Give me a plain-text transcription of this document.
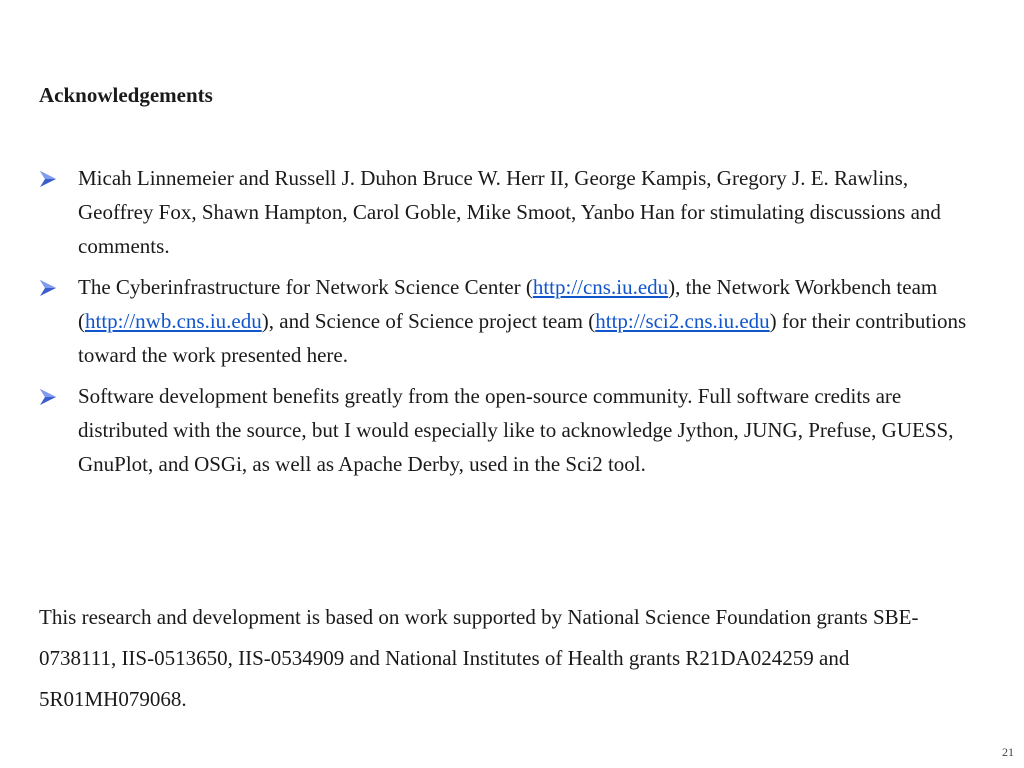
Acknowledgements
Micah Linnemeier and Russell J. Duhon Bruce W. Herr II, George Kampis, Gregory J. E. Rawlins, Geoffrey Fox, Shawn Hampton, Carol Goble, Mike Smoot, Yanbo Han for stimulating discussions and comments.
The Cyberinfrastructure for Network Science Center (http://cns.iu.edu), the Network Workbench team (http://nwb.cns.iu.edu), and Science of Science project team (http://sci2.cns.iu.edu) for their contributions toward the work presented here.
Software development benefits greatly from the open-source community. Full software credits are distributed with the source, but I would especially like to acknowledge Jython, JUNG, Prefuse, GUESS, GnuPlot, and OSGi, as well as Apache Derby, used in the Sci2 tool.

This research and development is based on work supported by National Science Foundation grants SBE-0738111, IIS-0513650, IIS-0534909 and National Institutes of Health grants R21DA024259 and 5R01MH079068.

21
